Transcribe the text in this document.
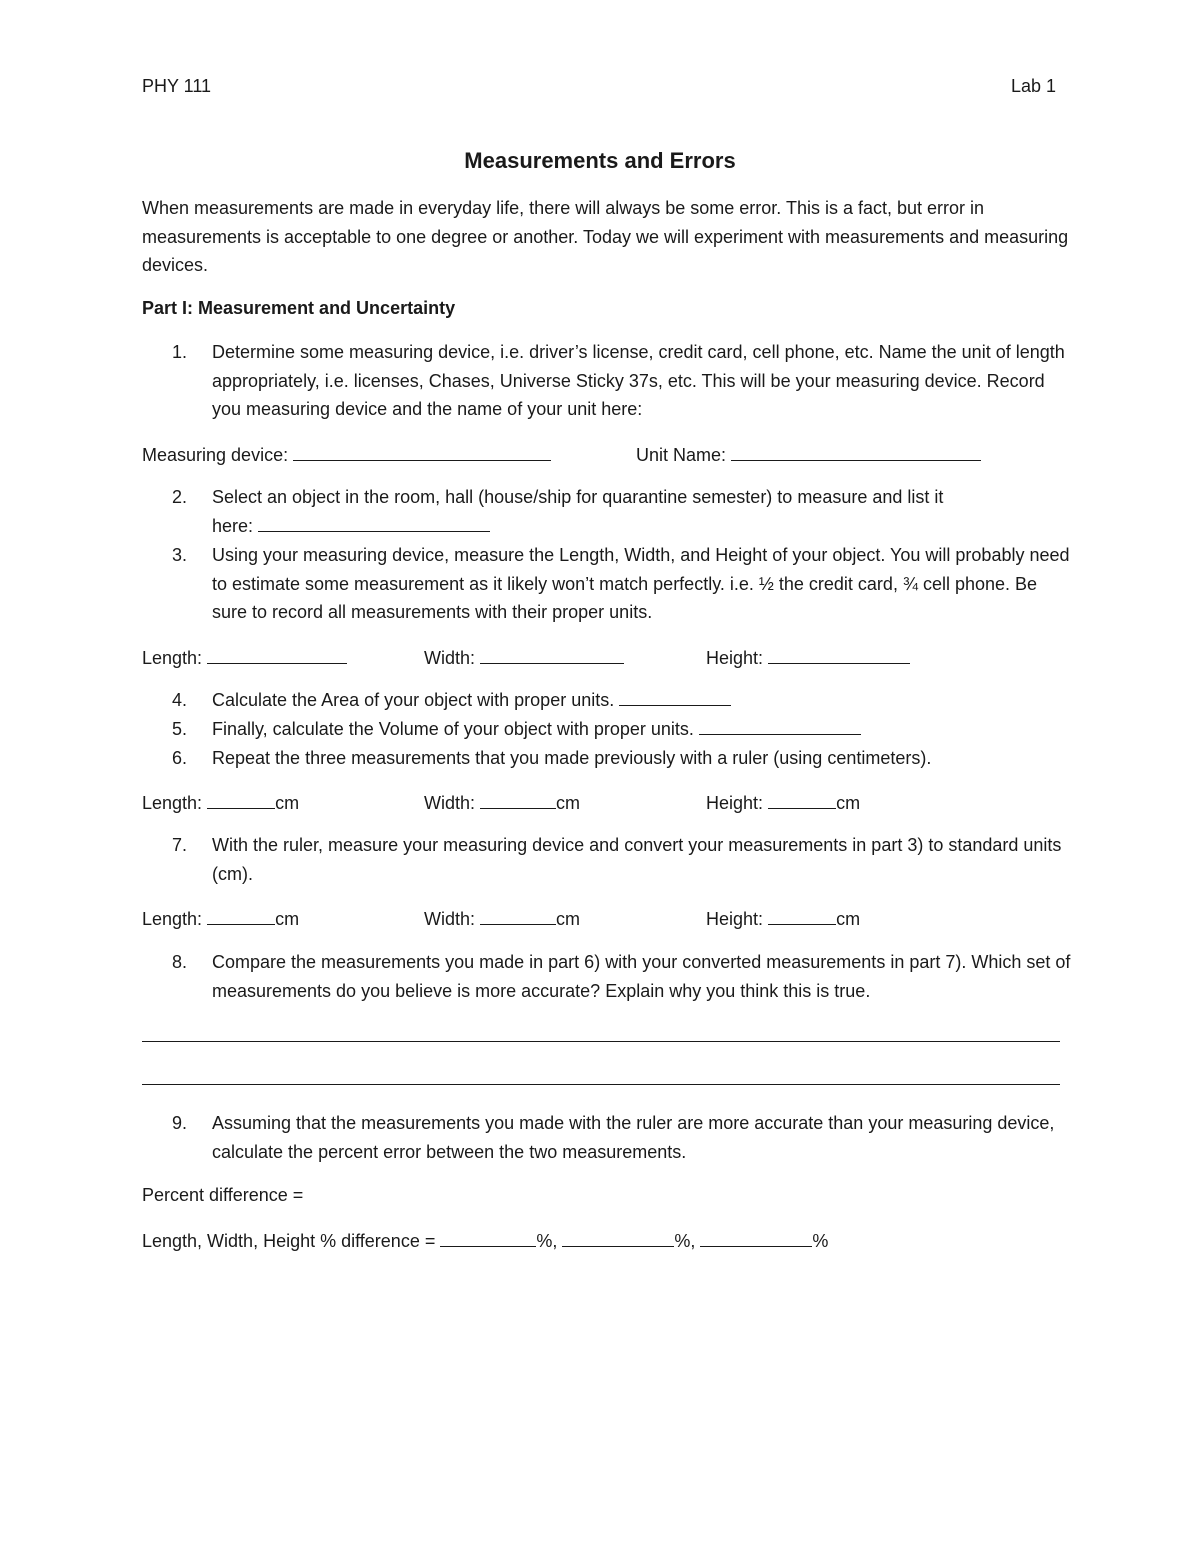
PHY 111	Lab 1
Measurements and Errors
When measurements are made in everyday life, there will always be some error. This is a fact, but error in measurements is acceptable to one degree or another. Today we will experiment with measurements and measuring devices.
Part I: Measurement and Uncertainty
1.	Determine some measuring device, i.e. driver’s license, credit card, cell phone, etc. Name the unit of length appropriately, i.e. licenses, Chases, Universe Sticky 37s, etc. This will be your measuring device. Record you measuring device and the name of your unit here:
Measuring device:	Unit Name:
2.	Select an object in the room, hall (house/ship for quarantine semester) to measure and list it
here:
3.	Using your measuring device, measure the Length, Width, and Height of your object. You will probably need to estimate some measurement as it likely won’t match perfectly. i.e. ½ the credit card, ¾ cell phone. Be sure to record all measurements with their proper units.
Length:	Width:	Height:
4.	Calculate the Area of your object with proper units.
5.	Finally, calculate the Volume of your object with proper units.
6.	Repeat the three measurements that you made previously with a ruler (using centimeters).
Length:	cm	Width:	cm	Height:	cm
7.	With the ruler, measure your measuring device and convert your measurements in part 3) to standard units (cm).
Length:	cm	Width:	cm	Height:	cm
8.	Compare the measurements you made in part 6) with your converted measurements in part 7). Which set of measurements do you believe is more accurate? Explain why you think this is true.
9.	Assuming that the measurements you made with the ruler are more accurate than your measuring device, calculate the percent error between the two measurements.
Percent difference =
Length, Width, Height % difference =	%,	%,	%
